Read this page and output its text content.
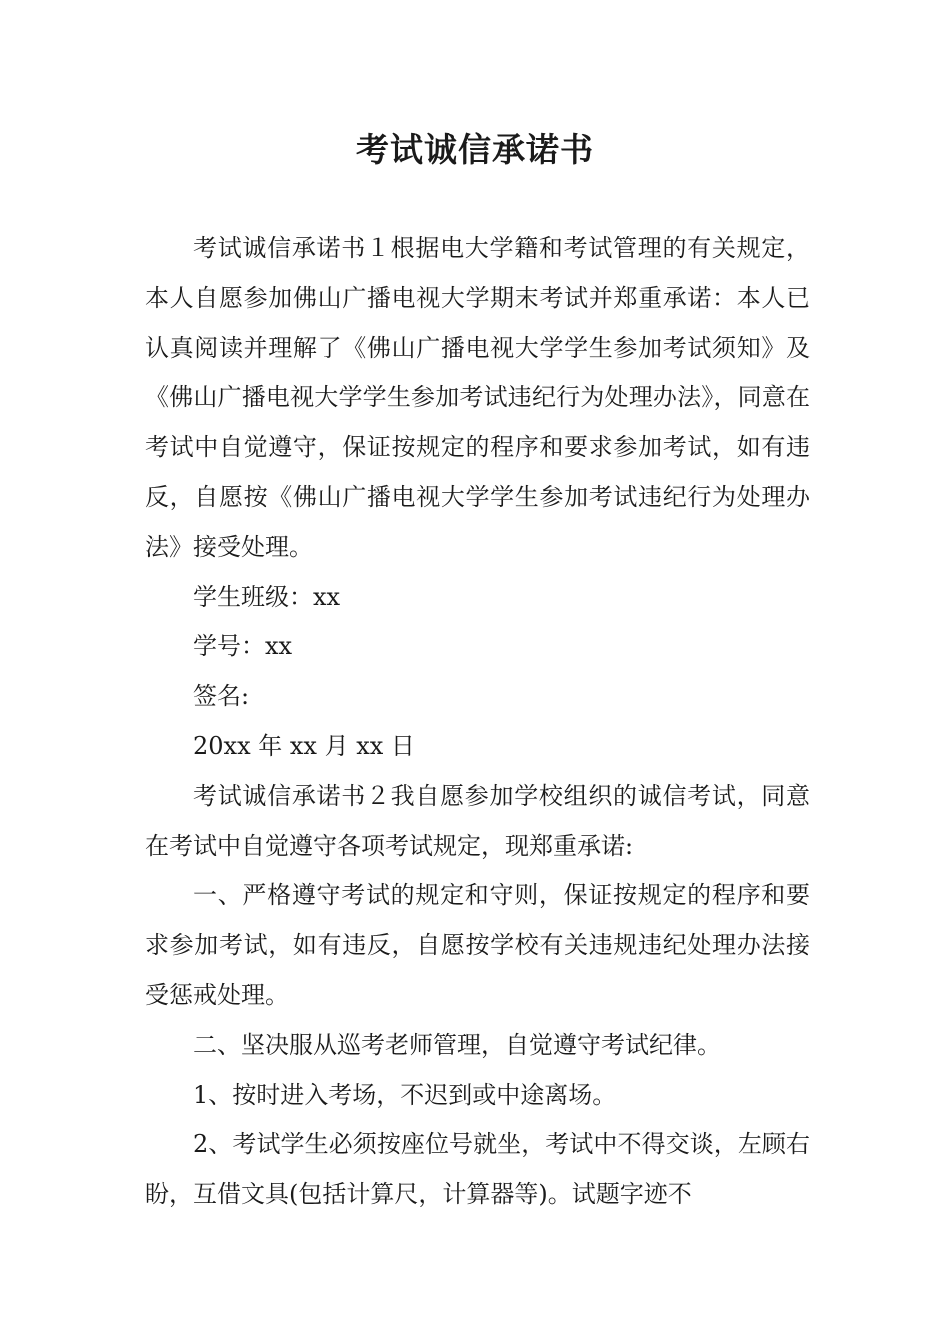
考试诚信承诺书

考试诚信承诺书１根据电大学籍和考试管理的有关规定，本人自愿参加佛山广播电视大学期末考试并郑重承诺：本人已认真阅读并理解了《佛山广播电视大学学生参加考试须知》及《佛山广播电视大学学生参加考试违纪行为处理办法》，同意在考试中自觉遵守，保证按规定的程序和要求参加考试，如有违反，自愿按《佛山广播电视大学学生参加考试违纪行为处理办法》接受处理。

学生班级：xx

学号：xx

签名:

20xx 年 xx 月 xx 日

考试诚信承诺书２我自愿参加学校组织的诚信考试，同意在考试中自觉遵守各项考试规定，现郑重承诺:

一、严格遵守考试的规定和守则，保证按规定的程序和要求参加考试，如有违反，自愿按学校有关违规违纪处理办法接受惩戒处理。

二、坚决服从巡考老师管理，自觉遵守考试纪律。

1、按时进入考场，不迟到或中途离场。

2、考试学生必须按座位号就坐，考试中不得交谈，左顾右盼，互借文具(包括计算尺，计算器等)。试题字迹不
